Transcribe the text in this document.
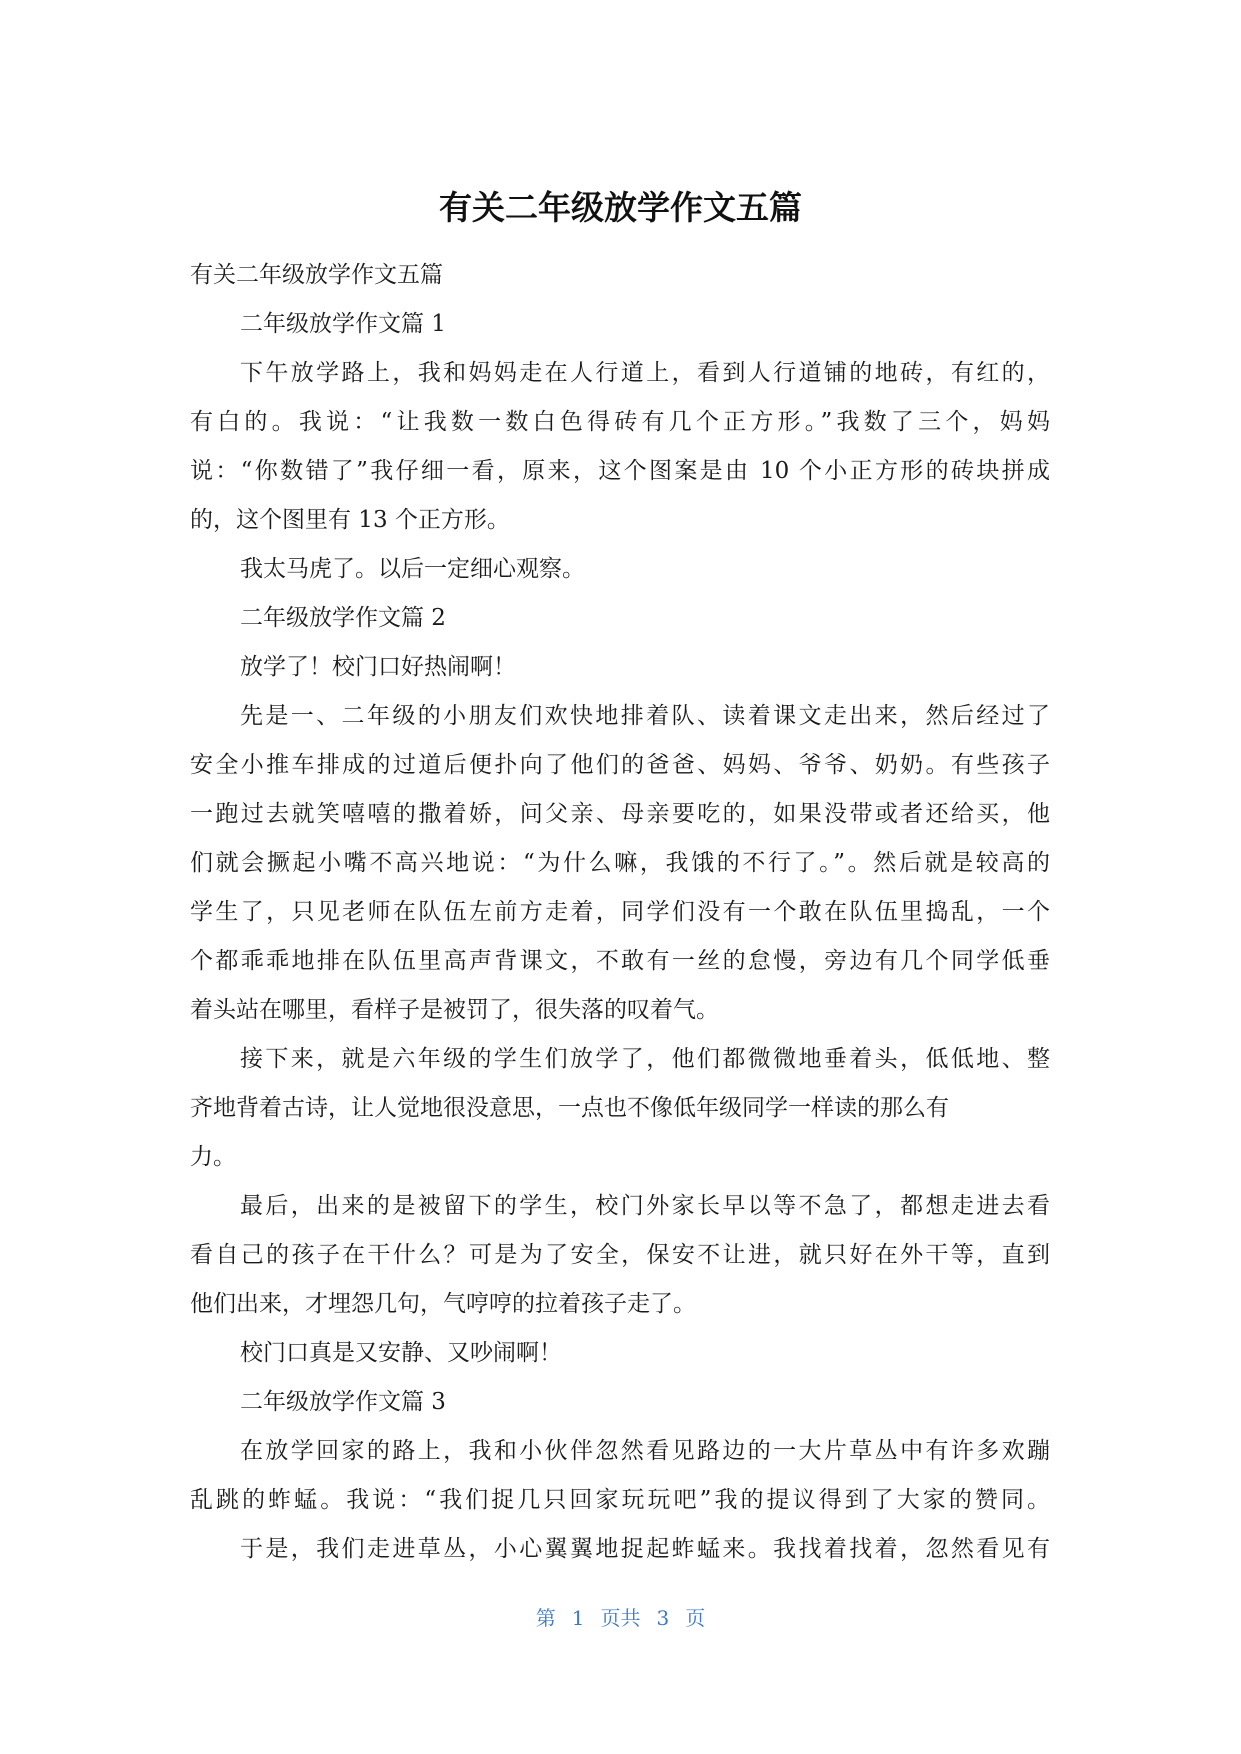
有关二年级放学作文五篇
有关二年级放学作文五篇
二年级放学作文篇 1
下午放学路上，我和妈妈走在人行道上，看到人行道铺的地砖，有红的，
有白的。我说：“让我数一数白色得砖有几个正方形。”我数了三个，妈妈
说：“你数错了”我仔细一看，原来，这个图案是由 10 个小正方形的砖块拼成
的，这个图里有 13 个正方形。
我太马虎了。以后一定细心观察。
二年级放学作文篇 2
放学了！校门口好热闹啊！
先是一、二年级的小朋友们欢快地排着队、读着课文走出来，然后经过了
安全小推车排成的过道后便扑向了他们的爸爸、妈妈、爷爷、奶奶。有些孩子
一跑过去就笑嘻嘻的撒着娇，问父亲、母亲要吃的，如果没带或者还给买，他
们就会撅起小嘴不高兴地说：“为什么嘛，我饿的不行了。”。然后就是较高的
学生了，只见老师在队伍左前方走着，同学们没有一个敢在队伍里捣乱，一个
个都乖乖地排在队伍里高声背课文，不敢有一丝的怠慢，旁边有几个同学低垂
着头站在哪里，看样子是被罚了，很失落的叹着气。
接下来，就是六年级的学生们放学了，他们都微微地垂着头，低低地、整
齐地背着古诗，让人觉地很没意思，一点也不像低年级同学一样读的那么有
力。
最后，出来的是被留下的学生，校门外家长早以等不急了，都想走进去看
看自己的孩子在干什么？可是为了安全，保安不让进，就只好在外干等，直到
他们出来，才埋怨几句，气哼哼的拉着孩子走了。
校门口真是又安静、又吵闹啊！
二年级放学作文篇 3
在放学回家的路上，我和小伙伴忽然看见路边的一大片草丛中有许多欢蹦
乱跳的蚱蜢。我说：“我们捉几只回家玩玩吧”我的提议得到了大家的赞同。
于是，我们走进草丛，小心翼翼地捉起蚱蜢来。我找着找着，忽然看见有
第 1 页共 3 页
